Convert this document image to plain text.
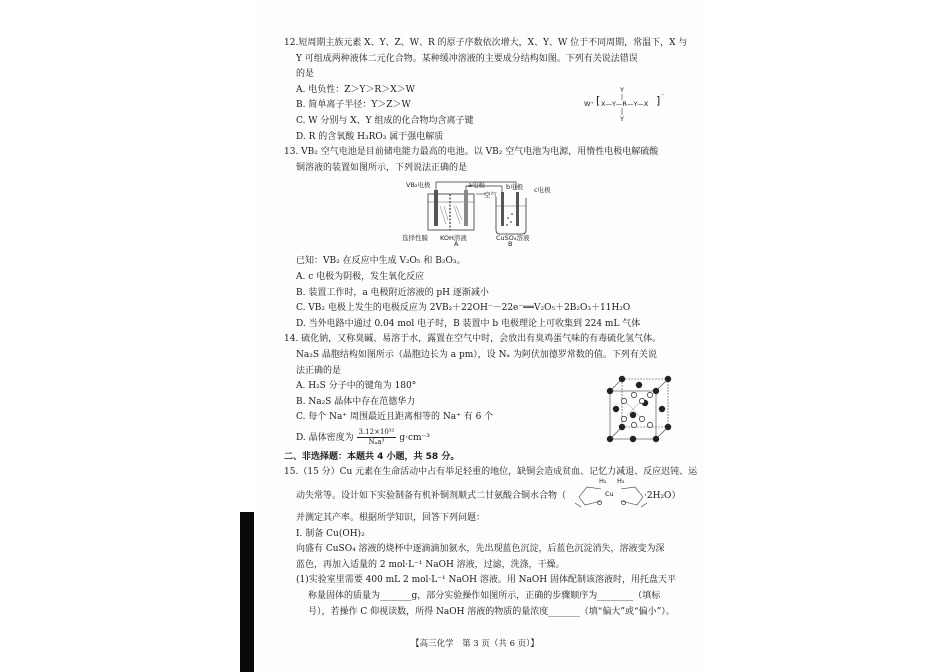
12.短周期主族元素 X、Y、Z、W、R 的原子序数依次增大，X、Y、W 位于不同周期，常温下，X 与

Y 可组成两种液体二元化合物。某种缓冲溶液的主要成分结构如图。下列有关说法错误

的是

A. 电负性：Z＞Y＞R＞X＞W

B. 简单离子半径：Y＞Z＞W

C. W 分别与 X、Y 组成的化合物均含离子键

D. R 的含氧酸 H₃RO₃ 属于强电解质

13. VB₂ 空气电池是目前储电能力最高的电池。以 VB₂ 空气电池为电源，用惰性电极电解硫酸

铜溶液的装置如图所示，下列说法正确的是

已知：VB₂ 在反应中生成 V₂O₅ 和 B₂O₃。

A. c 电极为阴极，发生氧化反应

B. 装置工作时，a 电极附近溶液的 pH 逐渐减小

C. VB₂ 电极上发生的电极反应为 2VB₂＋22OH⁻－22e⁻══V₂O₅＋2B₂O₃＋11H₂O

D. 当外电路中通过 0.04 mol 电子时，B 装置中 b 电极理论上可收集到 224 mL 气体

14. 硫化钠，又称臭碱、易溶于水，露置在空气中时，会放出有臭鸡蛋气味的有毒硫化氢气体。

Na₂S 晶胞结构如图所示（晶胞边长为 a pm），设 Nₐ 为阿伏加德罗常数的值。下列有关说

法正确的是

A. H₂S 分子中的键角为 180°

B. Na₂S 晶体中存在范德华力

C. 每个 Na⁺ 周围最近且距离相等的 Na⁺ 有 6 个

D. 晶体密度为 $\frac{\text{3.12×10³²}}{\text{Nₐa³}} g\cdot cm^{-3}$

二、非选择题：本题共 4 小题，共 58 分。

15.（15 分）Cu 元素在生命活动中占有举足轻重的地位，缺铜会造成贫血、记忆力减退、反应迟钝、运

动失常等。设计如下实验制备有机补铜剂顺式二甘氨酸合铜水合物（	·2H₂O）

并测定其产率。根据所学知识，回答下列问题：

Ⅰ. 制备 Cu(OH)₂

向盛有 CuSO₄ 溶液的烧杯中逐滴滴加氨水，先出现蓝色沉淀，后蓝色沉淀消失，溶液变为深

蓝色，再加入适量的 2 mol·L⁻¹ NaOH 溶液，过滤，洗涤，干燥。

(1)实验室里需要 400 mL 2 mol·L⁻¹ NaOH 溶液。用 NaOH 固体配制该溶液时，用托盘天平

称量固体的质量为_______g，部分实验操作如图所示，正确的步骤顺序为________（填标

号），若操作 C 仰视读数，所得 NaOH 溶液的物质的量浓度_______（填“偏大”或“偏小”）。

Y
W⁺ [ X—Y—R—Y—X ] ⁻
Y
VB₂电极	a电极
空气
b电极 c电极
选择性膜 KOH溶液	CuSO₄溶液
A	B
H₂ H₂
Cu
O	O
【高三化学　第 3 页（共 6 页）】
